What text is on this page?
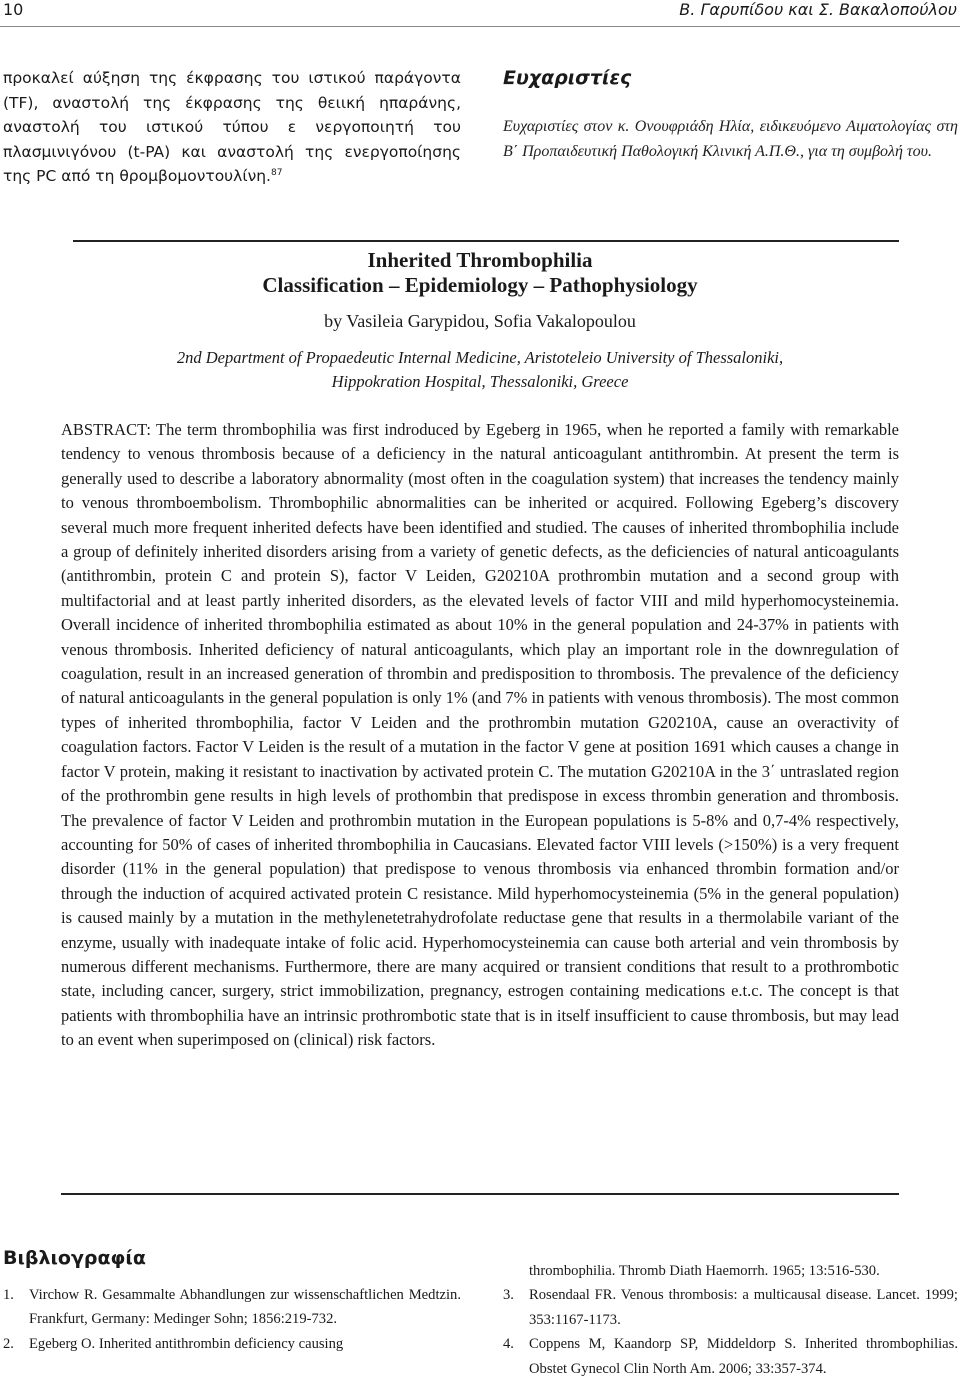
10	Β. Γαρυπίδου και Σ. Βακαλοπούλου
προκαλεί αύξηση της έκφρασης του ιστικού παράγοντα (TF), αναστολή της έκφρασης της θειική ηπαράνης, αναστολή του ιστικού τύπου ε νεργοποιητή του πλασμινιγόνου (t-PA) και αναστολή της ενεργοποίησης της PC από τη θρομβομοντουλίνη.$^{87}$
Ευχαριστίες
Ευχαριστίες στον κ. Ονουφριάδη Ηλία, ειδικευόμενο Αιματολογίας στη Β΄ Προπαιδευτική Παθολογική Κλινική Α.Π.Θ., για τη συμβολή του.
Inherited Thrombophilia
Classification – Epidemiology – Pathophysiology
by Vasileia Garypidou, Sofia Vakalopoulou
2nd Department of Propaedeutic Internal Medicine, Aristoteleio University of Thessaloniki,
Hippokration Hospital, Thessaloniki, Greece
ABSTRACT: The term thrombophilia was first indroduced by Egeberg in 1965, when he reported a family with remarkable tendency to venous thrombosis because of a deficiency in the natural anticoagulant antithrombin. At present the term is generally used to describe a laboratory abnormality (most often in the coagulation system) that increases the tendency mainly to venous thromboembolism. Thrombophilic abnormalities can be inherited or acquired. Following Egeberg’s discovery several much more frequent inherited defects have been identified and studied. The causes of inherited thrombophilia include a group of definitely inherited disorders arising from a variety of genetic defects, as the deficiencies of natural anticoagulants (antithrombin, protein C and protein S), factor V Leiden, G20210A prothrombin mutation and a second group with multifactorial and at least partly inherited disorders, as the elevated levels of factor VIII and mild hyperhomocysteinemia. Overall incidence of inherited thrombophilia estimated as about 10% in the general population and 24-37% in patients with venous thrombosis. Inherited deficiency of natural anticoagulants, which play an important role in the downregulation of coagulation, result in an increased generation of thrombin and predisposition to thrombosis. The prevalence of the deficiency of natural anticoagulants in the general population is only 1% (and 7% in patients with venous thrombosis). The most common types of inherited thrombophilia, factor V Leiden and the prothrombin mutation G20210A, cause an overactivity of coagulation factors. Factor V Leiden is the result of a mutation in the factor V gene at position 1691 which causes a change in factor V protein, making it resistant to inactivation by activated protein C. The mutation G20210A in the 3΄ untraslated region of the prothrombin gene results in high levels of prothombin that predispose in excess thrombin generation and thrombosis. The prevalence of factor V Leiden and prothrombin mutation in the European populations is 5-8% and 0,7-4% respectively, accounting for 50% of cases of inherited thrombophilia in Caucasians. Elevated factor VIII levels (>150%) is a very frequent disorder (11% in the general population) that predispose to venous thrombosis via enhanced thrombin formation and/or through the induction of acquired activated protein C resistance. Mild hyperhomocysteinemia (5% in the general population) is caused mainly by a mutation in the methylenetetrahydrofolate reductase gene that results in a thermolabile variant of the enzyme, usually with inadequate intake of folic acid. Hyperhomocysteinemia can cause both arterial and vein thrombosis by numerous different mechanisms. Furthermore, there are many acquired or transient conditions that result to a prothrombotic state, including cancer, surgery, strict immobilization, pregnancy, estrogen containing medications e.t.c. The concept is that patients with thrombophilia have an intrinsic prothrombotic state that is in itself insufficient to cause thrombosis, but may lead to an event when superimposed on (clinical) risk factors.
Βιβλιογραφία
1.	Virchow R. Gesammalte Abhandlungen zur wissenschaftlichen Medtzin. Frankfurt, Germany: Medinger Sohn; 1856:219-732.
2.	Egeberg O. Inherited antithrombin deficiency causing
thrombophilia. Thromb Diath Haemorrh. 1965; 13:516-530.
3.	Rosendaal FR. Venous thrombosis: a multicausal disease. Lancet. 1999; 353:1167-1173.
4.	Coppens M, Kaandorp SP, Middeldorp S. Inherited thrombophilias. Obstet Gynecol Clin North Am. 2006; 33:357-374.
